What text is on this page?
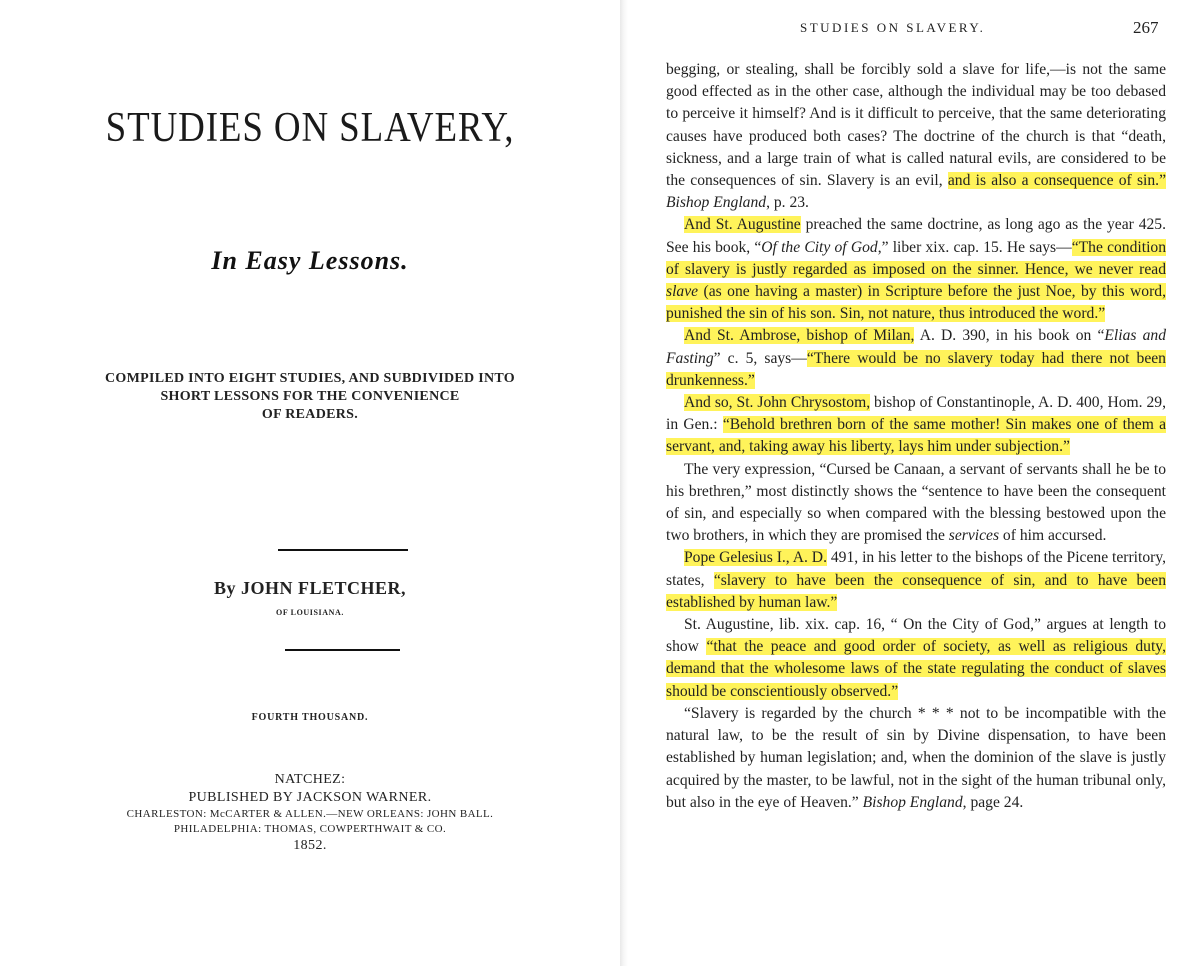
STUDIES ON SLAVERY,
In Easy Lessons.
COMPILED INTO EIGHT STUDIES, AND SUBDIVIDED INTO
SHORT LESSONS FOR THE CONVENIENCE
OF READERS.
By JOHN FLETCHER,
OF LOUISIANA.
FOURTH THOUSAND.
NATCHEZ:
PUBLISHED BY JACKSON WARNER.
CHARLESTON: McCARTER & ALLEN.—NEW ORLEANS: JOHN BALL.
PHILADELPHIA: THOMAS, COWPERTHWAIT & CO.
1852.
STUDIES ON SLAVERY.	267

begging, or stealing, shall be forcibly sold a slave for life,—is not the same good effected as in the other case, although the individual may be too debased to perceive it himself? And is it difficult to perceive, that the same deteriorating causes have produced both cases? The doctrine of the church is that “death, sickness, and a large train of what is called natural evils, are considered to be the consequences of sin. Slavery is an evil, and is also a consequence of sin.” Bishop England, p. 23.

And St. Augustine preached the same doctrine, as long ago as the year 425. See his book, “Of the City of God,” liber xix. cap. 15. He says—“The condition of slavery is justly regarded as imposed on the sinner. Hence, we never read slave (as one having a master) in Scripture before the just Noe, by this word, punished the sin of his son. Sin, not nature, thus introduced the word.”

And St. Ambrose, bishop of Milan, A. D. 390, in his book on “Elias and Fasting” c. 5, says—“There would be no slavery today had there not been drunkenness.”

And so, St. John Chrysostom, bishop of Constantinople, A. D. 400, Hom. 29, in Gen.: “Behold brethren born of the same mother! Sin makes one of them a servant, and, taking away his liberty, lays him under subjection.”

The very expression, “Cursed be Canaan, a servant of servants shall he be to his brethren,” most distinctly shows the “sentence to have been the consequent of sin, and especially so when compared with the blessing bestowed upon the two brothers, in which they are promised the services of him accursed.

Pope Gelesius I., A. D. 491, in his letter to the bishops of the Picene territory, states, “slavery to have been the consequence of sin, and to have been established by human law.”

St. Augustine, lib. xix. cap. 16, “ On the City of God,” argues at length to show “that the peace and good order of society, as well as religious duty, demand that the wholesome laws of the state regulating the conduct of slaves should be conscientiously observed.”

“Slavery is regarded by the church * * * not to be incompatible with the natural law, to be the result of sin by Divine dispensation, to have been established by human legislation; and, when the dominion of the slave is justly acquired by the master, to be lawful, not in the sight of the human tribunal only, but also in the eye of Heaven.” Bishop England, page 24.
